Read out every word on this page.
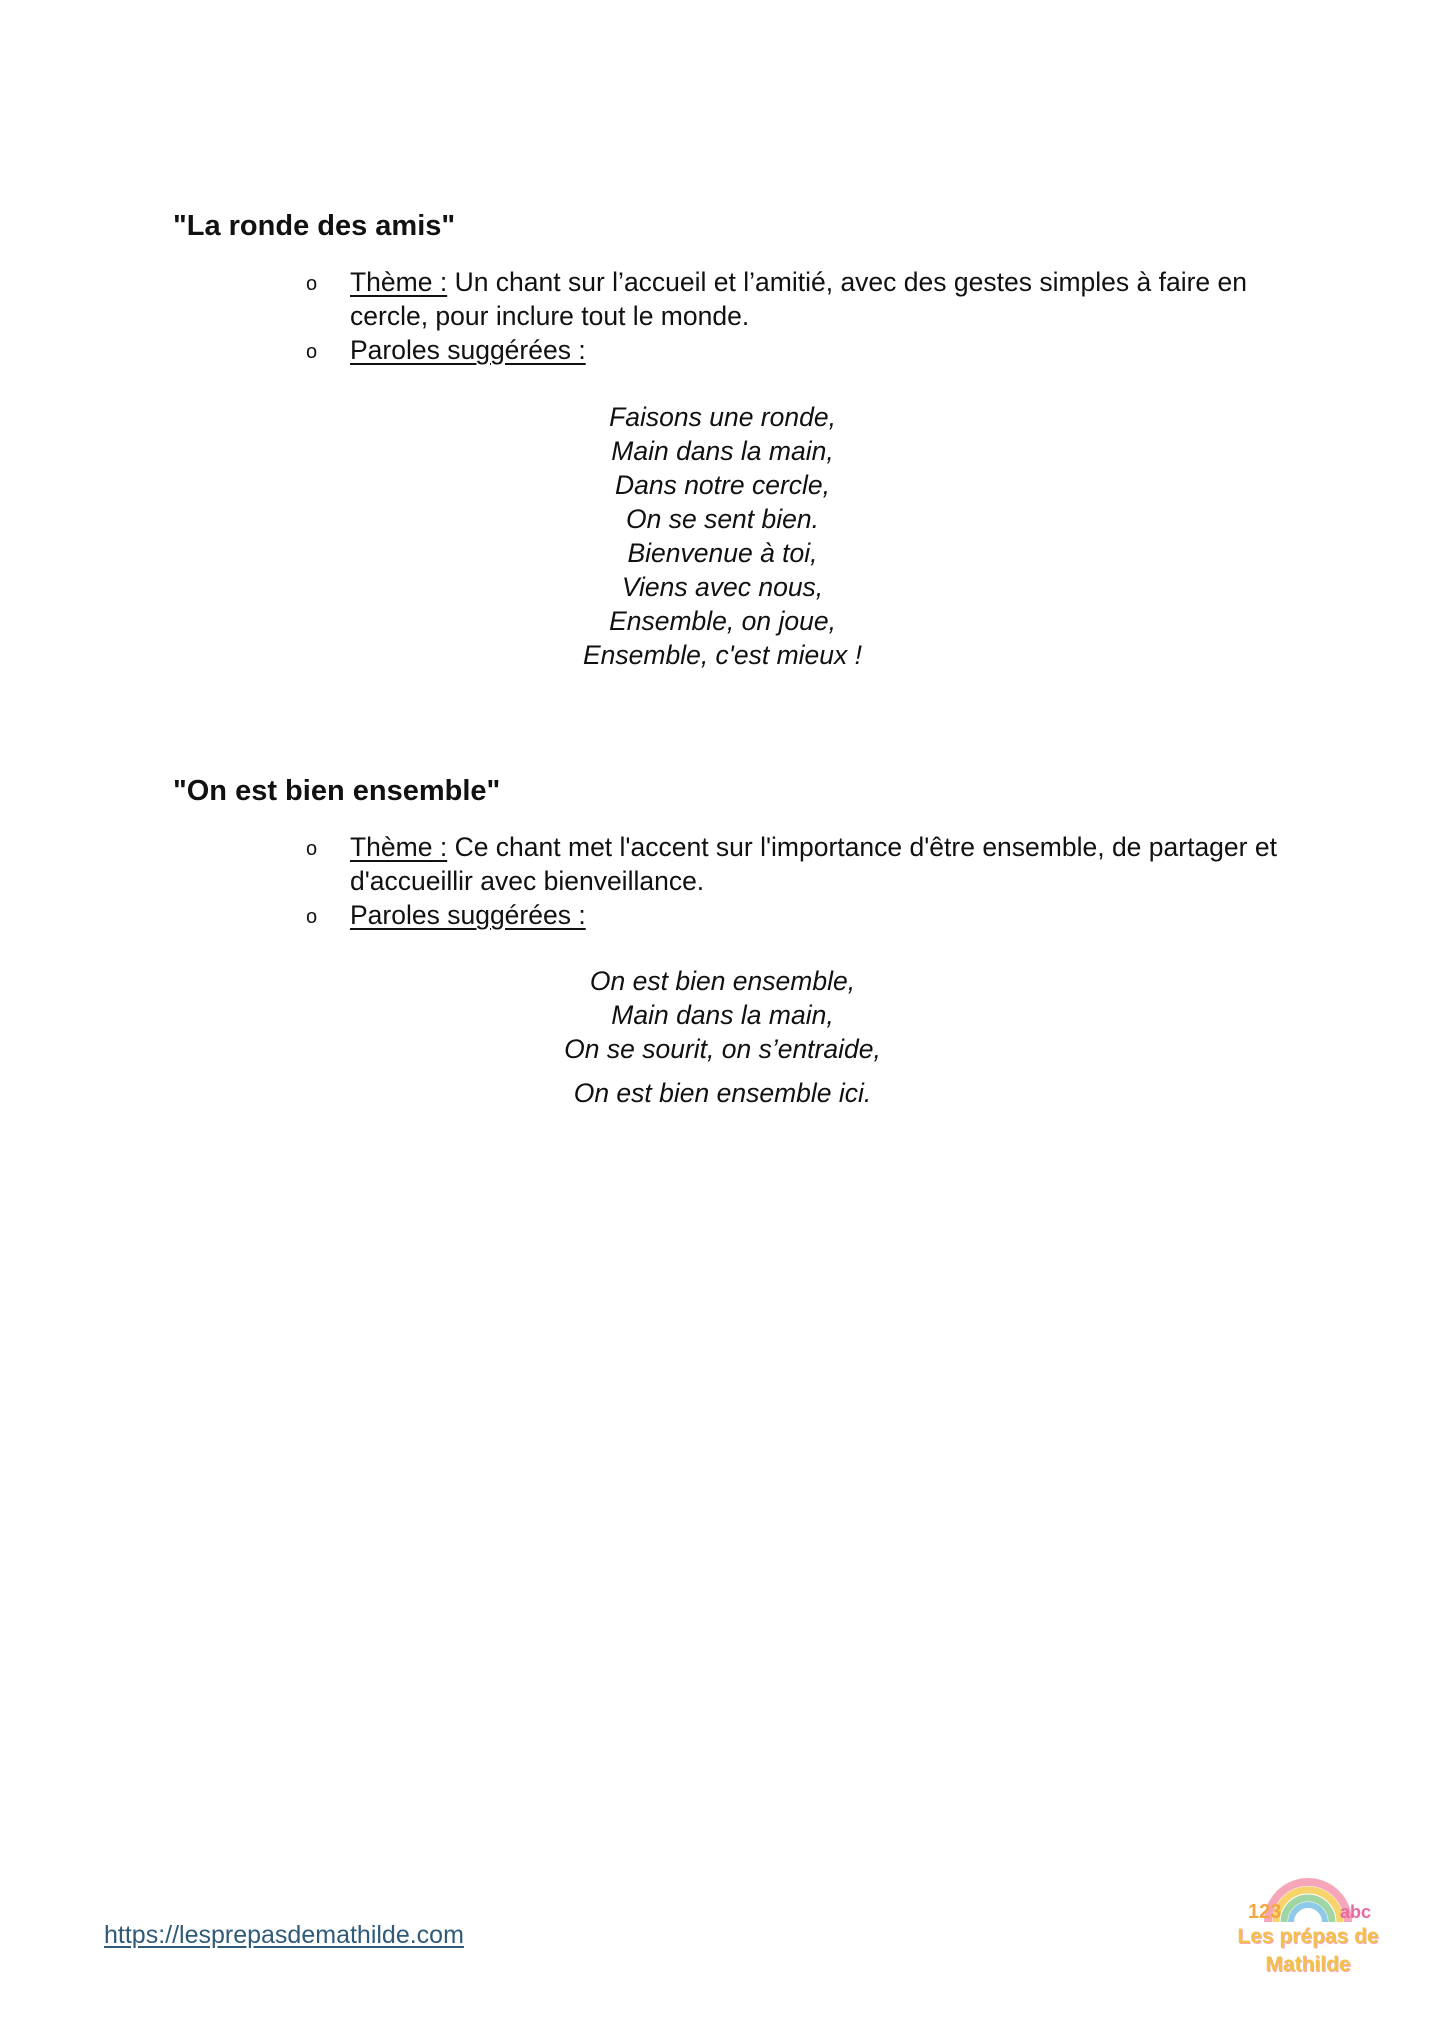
"La ronde des amis"
o Thème : Un chant sur l’accueil et l’amitié, avec des gestes simples à faire en cercle, pour inclure tout le monde.
o Paroles suggérées :
Faisons une ronde,
Main dans la main,
Dans notre cercle,
On se sent bien.
Bienvenue à toi,
Viens avec nous,
Ensemble, on joue,
Ensemble, c'est mieux !
"On est bien ensemble"
o Thème : Ce chant met l'accent sur l'importance d'être ensemble, de partager et d'accueillir avec bienveillance.
o Paroles suggérées :
On est bien ensemble,
Main dans la main,
On se sourit, on s’entraide,
On est bien ensemble ici.
https://lesprepasdemathilde.com
123	abc
Les prépas de
Mathilde
